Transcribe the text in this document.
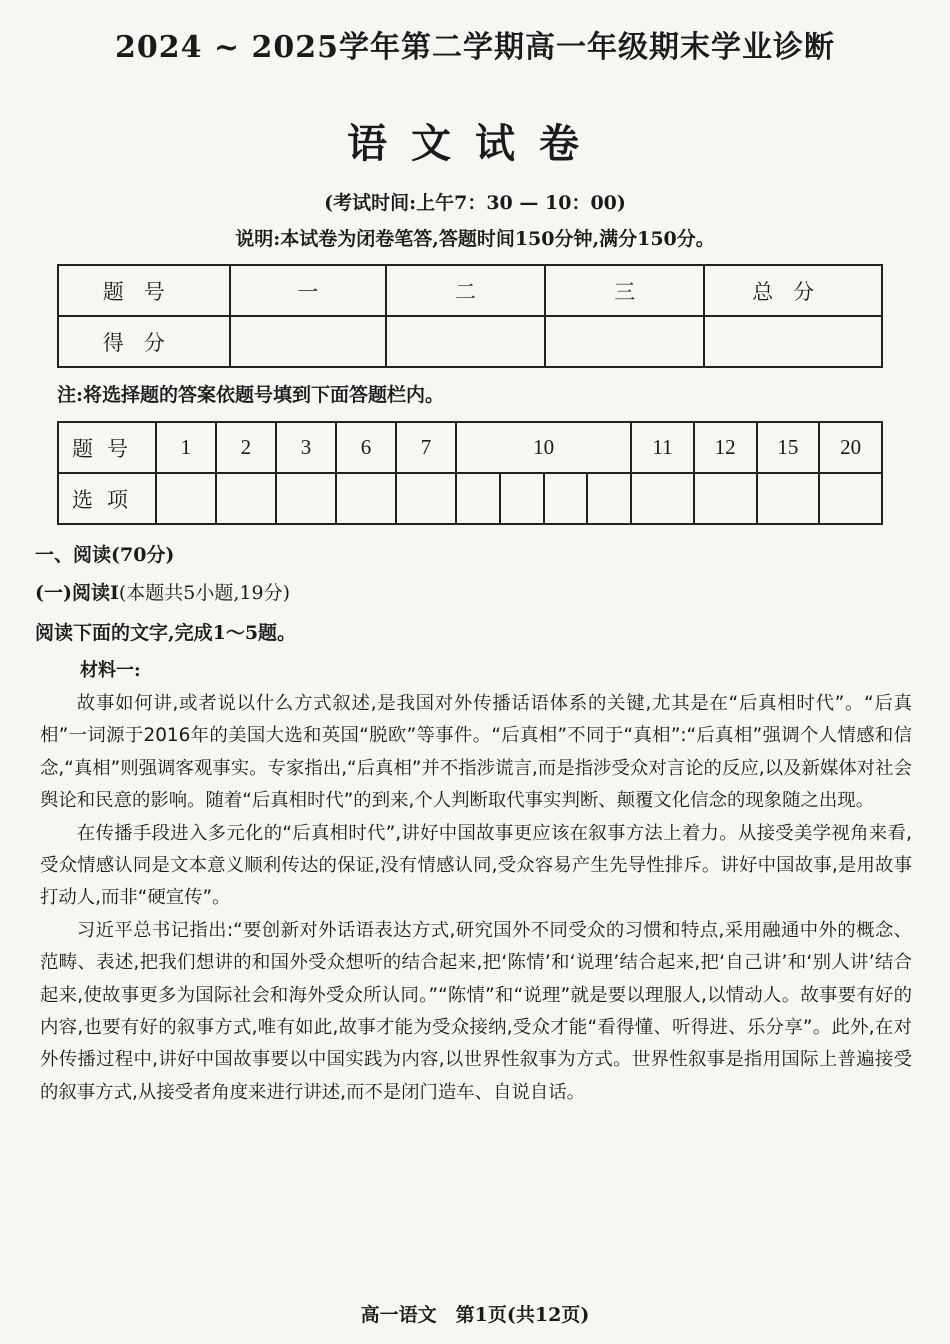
2024 ~ 2025学年第二学期高一年级期末学业诊断
语文试卷
(考试时间:上午7：30 — 10：00)
说明:本试卷为闭卷笔答,答题时间150分钟,满分150分。
题号	一	二	三	总分
得分				
注:将选择题的答案依题号填到下面答题栏内。
题号	1	2	3	6	7	10				11	12	15	20
选项													
一、阅读(70分)
(一)阅读Ⅰ(本题共5小题,19分)
阅读下面的文字,完成1～5题。
材料一:

故事如何讲,或者说以什么方式叙述,是我国对外传播话语体系的关键,尤其是在“后真相时代”。“后真相”一词源于2016年的美国大选和英国“脱欧”等事件。“后真相”不同于“真相”:“后真相”强调个人情感和信念,“真相”则强调客观事实。专家指出,“后真相”并不指涉谎言,而是指涉受众对言论的反应,以及新媒体对社会舆论和民意的影响。随着“后真相时代”的到来,个人判断取代事实判断、颠覆文化信念的现象随之出现。

在传播手段进入多元化的“后真相时代”,讲好中国故事更应该在叙事方法上着力。从接受美学视角来看,受众情感认同是文本意义顺利传达的保证,没有情感认同,受众容易产生先导性排斥。讲好中国故事,是用故事打动人,而非“硬宣传”。

习近平总书记指出:“要创新对外话语表达方式,研究国外不同受众的习惯和特点,采用融通中外的概念、范畴、表述,把我们想讲的和国外受众想听的结合起来,把‘陈情’和‘说理’结合起来,把‘自己讲’和‘别人讲’结合起来,使故事更多为国际社会和海外受众所认同。”“陈情”和“说理”就是要以理服人,以情动人。故事要有好的内容,也要有好的叙事方式,唯有如此,故事才能为受众接纳,受众才能“看得懂、听得进、乐分享”。此外,在对外传播过程中,讲好中国故事要以中国实践为内容,以世界性叙事为方式。世界性叙事是指用国际上普遍接受的叙事方式,从接受者角度来进行讲述,而不是闭门造车、自说自话。

高一语文　第1页(共12页)
